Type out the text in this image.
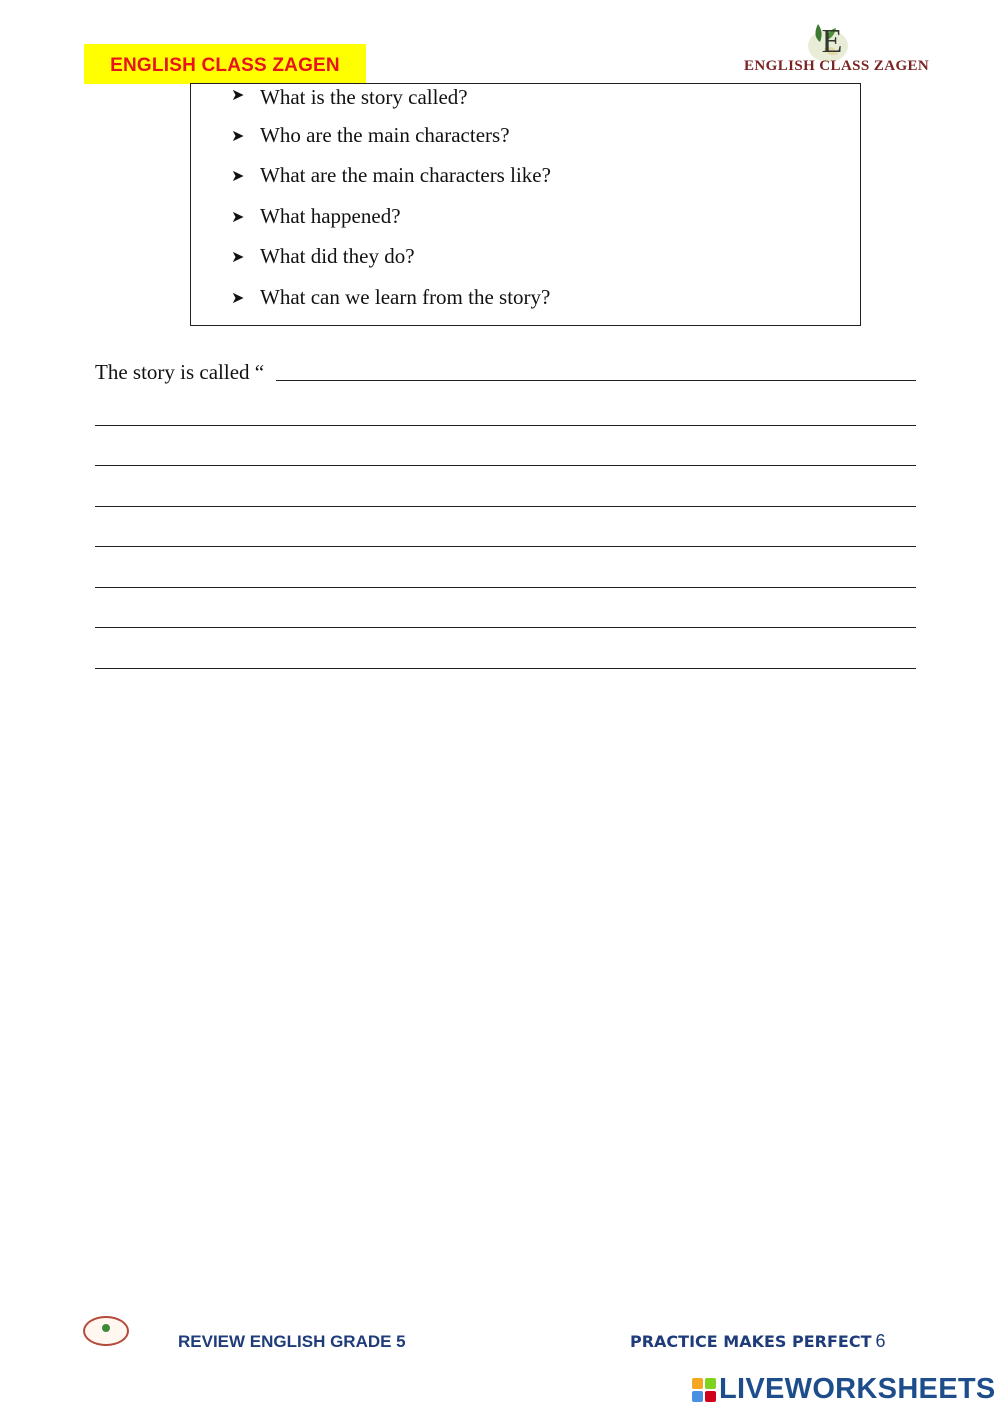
ENGLISH CLASS ZAGEN
E
ENGLISH CLASS ZAGEN
➤ What is the story called?
➤ Who are the main characters?
➤ What are the main characters like?
➤ What happened?
➤ What did they do?
➤ What can we learn from the story?
The story is called “
REVIEW ENGLISH GRADE 5	PRACTICE MAKES PERFECT 6
LIVEWORKSHEETS
